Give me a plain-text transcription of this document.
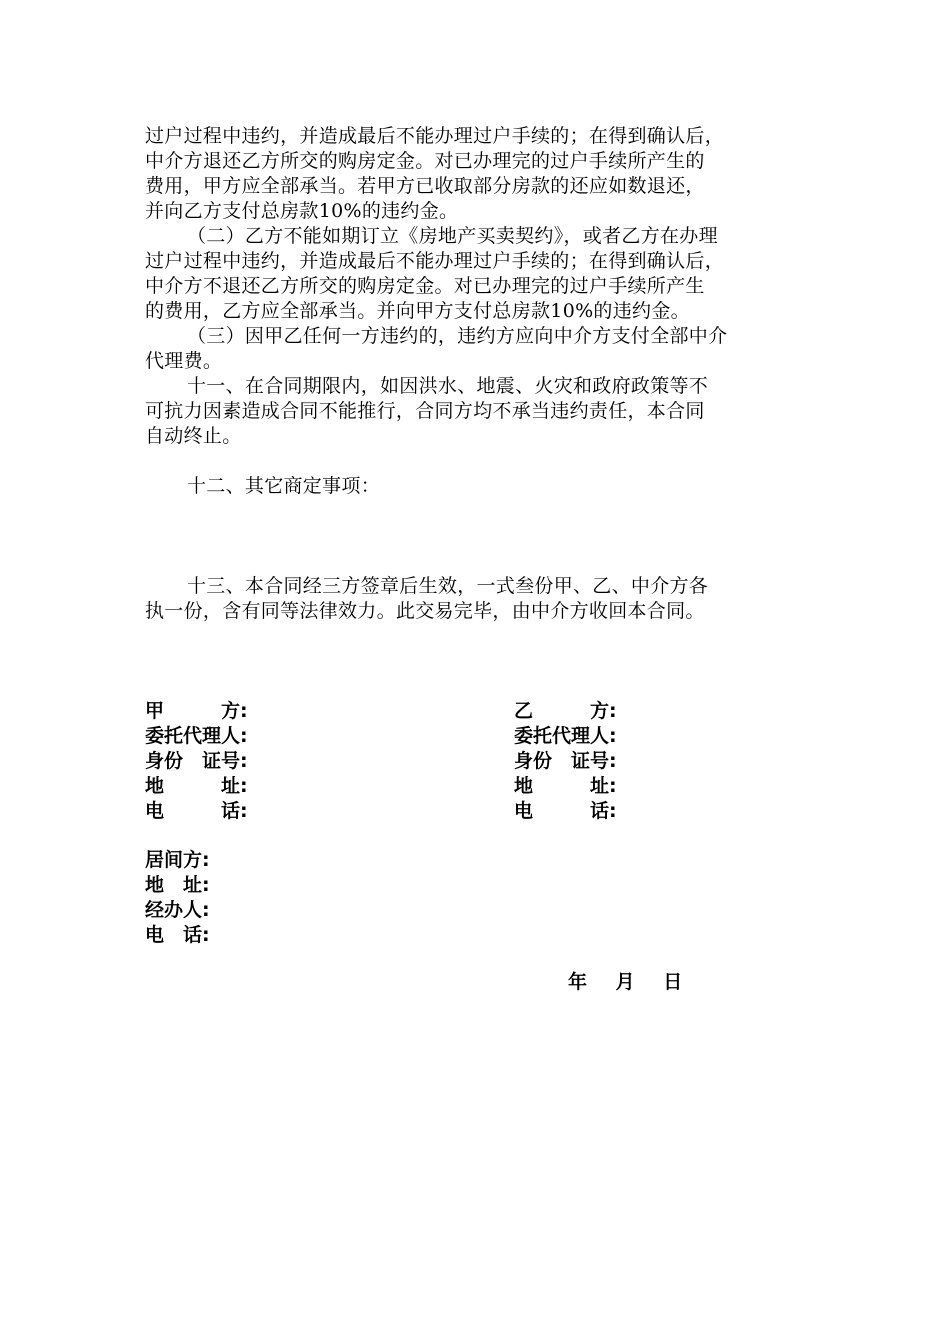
过户过程中违约，并造成最后不能办理过户手续的；在得到确认后，
中介方退还乙方所交的购房定金。对已办理完的过户手续所产生的
费用，甲方应全部承当。若甲方已收取部分房款的还应如数退还，
并向乙方支付总房款10%的违约金。
（二）乙方不能如期订立《房地产买卖契约》，或者乙方在办理
过户过程中违约，并造成最后不能办理过户手续的；在得到确认后，
中介方不退还乙方所交的购房定金。对已办理完的过户手续所产生
的费用，乙方应全部承当。并向甲方支付总房款10%的违约金。
（三）因甲乙任何一方违约的，违约方应向中介方支付全部中介
代理费。
十一、在合同期限内，如因洪水、地震、火灾和政府政策等不
可抗力因素造成合同不能推行，合同方均不承当违约责任，本合同
自动终止。
十二、其它商定事项：
十三、本合同经三方签章后生效，一式叁份甲、乙、中介方各
执一份，含有同等法律效力。此交易完毕，由中介方收回本合同。
甲　　　方:
委托代理人:
身份　证号:
地　　　址:
电　　　话:
乙　　　方:
委托代理人:
身份　证号:
地　　　址:
电　　　话:
居间方:
地　址:
经办人:
电　话:
年 月 日
